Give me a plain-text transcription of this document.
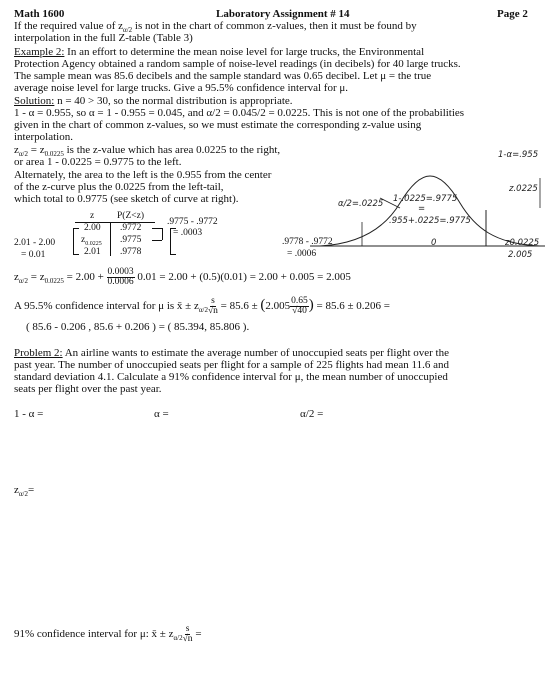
Math 1600	Laboratory Assignment # 14	Page 2
If the required value of $z_{\alpha/2}$ is not in the chart of common z-values, then it must be found by
interpolation in the full Z-table (Table 3)
Example 2: In an effort to determine the mean noise level for large trucks, the Environmental
Protection Agency obtained a random sample of noise-level readings (in decibels) for 40 large trucks.
The sample mean was 85.6 decibels and the sample standard was 0.65 decibel. Let μ = the true
average noise level for large trucks. Give a 95.5% confidence interval for μ.
Solution: n = 40 > 30, so the normal distribution is appropriate.
1 - α = 0.955, so α = 1 - 0.955 = 0.045, and α/2 = 0.045/2 = 0.0225. This is not one of the probabilities
given in the chart of common z-values, so we must estimate the corresponding z-value using
interpolation.
$z_{\alpha/2} = z_{0.0225}$ is the z-value which has area 0.0225 to the right,
or area 1 - 0.0225 = 0.9775 to the left.
Alternately, the area to the left is the 0.955 from the center
of the z-curve plus the 0.0225 from the left-tail,
which total to 0.9775 (see sketch of curve at right).
1-α=.955
z.0225
α/2=.0225 1-.0225=.9775
=
.955+.0225=.9775
0	z0.0225
2.005
z P(Z<z)
2.00 .9772
$z_{0.0225}$ .9775
2.01 .9778
.9775 - .9772
= .0003
.9778 - .9772
= .0006
2.01 - 2.00
= 0.01
$z_{\alpha/2} = z_{0.0225} = 2.00 + \frac{0.0003}{0.0006} 0.01 = 2.00 + (0.5)(0.01) = 2.00 + 0.005 = 2.005$
A 95.5% confidence interval for μ is x̄ ± $z_{\alpha/2} \frac{s}{√n} = 85.6 \pm (2.005 \frac{0.65}{√40}$ ) = 85.6 ± 0.206 =
( 85.6 - 0.206 , 85.6 + 0.206 ) = ( 85.394, 85.806 ).
Problem 2: An airline wants to estimate the average number of unoccupied seats per flight over the
past year. The number of unoccupied seats per flight for a sample of 225 flights had mean 11.6 and
standard deviation 4.1. Calculate a 91% confidence interval for μ, the mean number of unoccupied
seats per flight over the past year.
1 - α =	α =	α/2 =
$z_{\alpha/2}=$
91% confidence interval for μ: x̄ ± $z_{\alpha/2} \frac{s}{√n}$ =
